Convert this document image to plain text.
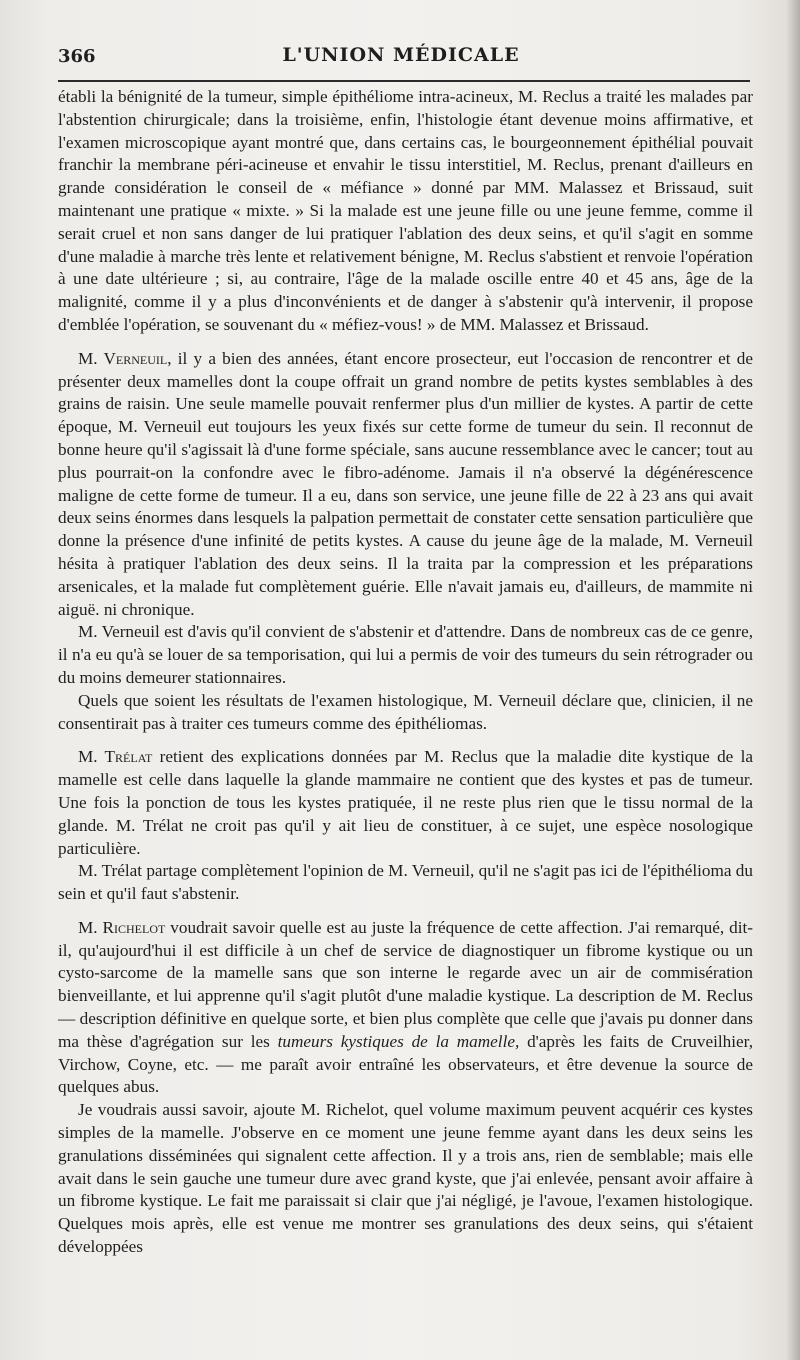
366	L'UNION MÉDICALE

établi la bénignité de la tumeur, simple épithéliome intra-acineux, M. Reclus a traité les malades par l'abstention chirurgicale; dans la troisième, enfin, l'histologie étant devenue moins affirmative, et l'examen microscopique ayant montré que, dans certains cas, le bourgeonnement épithélial pouvait franchir la membrane péri-acineuse et envahir le tissu interstitiel, M. Reclus, prenant d'ailleurs en grande considération le conseil de « méfiance » donné par MM. Malassez et Brissaud, suit maintenant une pratique « mixte. » Si la malade est une jeune fille ou une jeune femme, comme il serait cruel et non sans danger de lui pratiquer l'ablation des deux seins, et qu'il s'agit en somme d'une maladie à marche très lente et relativement bénigne, M. Reclus s'abstient et renvoie l'opération à une date ultérieure ; si, au contraire, l'âge de la malade oscille entre 40 et 45 ans, âge de la malignité, comme il y a plus d'inconvénients et de danger à s'abstenir qu'à intervenir, il propose d'emblée l'opération, se souvenant du « méfiez-vous! » de MM. Malassez et Brissaud.

M. Verneuil, il y a bien des années, étant encore prosecteur, eut l'occasion de rencontrer et de présenter deux mamelles dont la coupe offrait un grand nombre de petits kystes semblables à des grains de raisin. Une seule mamelle pouvait renfermer plus d'un millier de kystes. A partir de cette époque, M. Verneuil eut toujours les yeux fixés sur cette forme de tumeur du sein. Il reconnut de bonne heure qu'il s'agissait là d'une forme spéciale, sans aucune ressemblance avec le cancer; tout au plus pourrait-on la confondre avec le fibro-adénome. Jamais il n'a observé la dégénérescence maligne de cette forme de tumeur. Il a eu, dans son service, une jeune fille de 22 à 23 ans qui avait deux seins énormes dans lesquels la palpation permettait de constater cette sensation particulière que donne la présence d'une infinité de petits kystes. A cause du jeune âge de la malade, M. Verneuil hésita à pratiquer l'ablation des deux seins. Il la traita par la compression et les préparations arsenicales, et la malade fut complètement guérie. Elle n'avait jamais eu, d'ailleurs, de mammite ni aiguë. ni chronique.

M. Verneuil est d'avis qu'il convient de s'abstenir et d'attendre. Dans de nombreux cas de ce genre, il n'a eu qu'à se louer de sa temporisation, qui lui a permis de voir des tumeurs du sein rétrograder ou du moins demeurer stationnaires.

Quels que soient les résultats de l'examen histologique, M. Verneuil déclare que, clinicien, il ne consentirait pas à traiter ces tumeurs comme des épithéliomas.

M. Trélat retient des explications données par M. Reclus que la maladie dite kystique de la mamelle est celle dans laquelle la glande mammaire ne contient que des kystes et pas de tumeur. Une fois la ponction de tous les kystes pratiquée, il ne reste plus rien que le tissu normal de la glande. M. Trélat ne croit pas qu'il y ait lieu de constituer, à ce sujet, une espèce nosologique particulière.

M. Trélat partage complètement l'opinion de M. Verneuil, qu'il ne s'agit pas ici de l'épithélioma du sein et qu'il faut s'abstenir.

M. Richelot voudrait savoir quelle est au juste la fréquence de cette affection. J'ai remarqué, dit-il, qu'aujourd'hui il est difficile à un chef de service de diagnostiquer un fibrome kystique ou un cysto-sarcome de la mamelle sans que son interne le regarde avec un air de commisération bienveillante, et lui apprenne qu'il s'agit plutôt d'une maladie kystique. La description de M. Reclus — description définitive en quelque sorte, et bien plus complète que celle que j'avais pu donner dans ma thèse d'agrégation sur les tumeurs kystiques de la mamelle, d'après les faits de Cruveilhier, Virchow, Coyne, etc. — me paraît avoir entraîné les observateurs, et être devenue la source de quelques abus.

Je voudrais aussi savoir, ajoute M. Richelot, quel volume maximum peuvent acquérir ces kystes simples de la mamelle. J'observe en ce moment une jeune femme ayant dans les deux seins les granulations disséminées qui signalent cette affection. Il y a trois ans, rien de semblable; mais elle avait dans le sein gauche une tumeur dure avec grand kyste, que j'ai enlevée, pensant avoir affaire à un fibrome kystique. Le fait me paraissait si clair que j'ai négligé, je l'avoue, l'examen histologique. Quelques mois après, elle est venue me montrer ses granulations des deux seins, qui s'étaient développées
